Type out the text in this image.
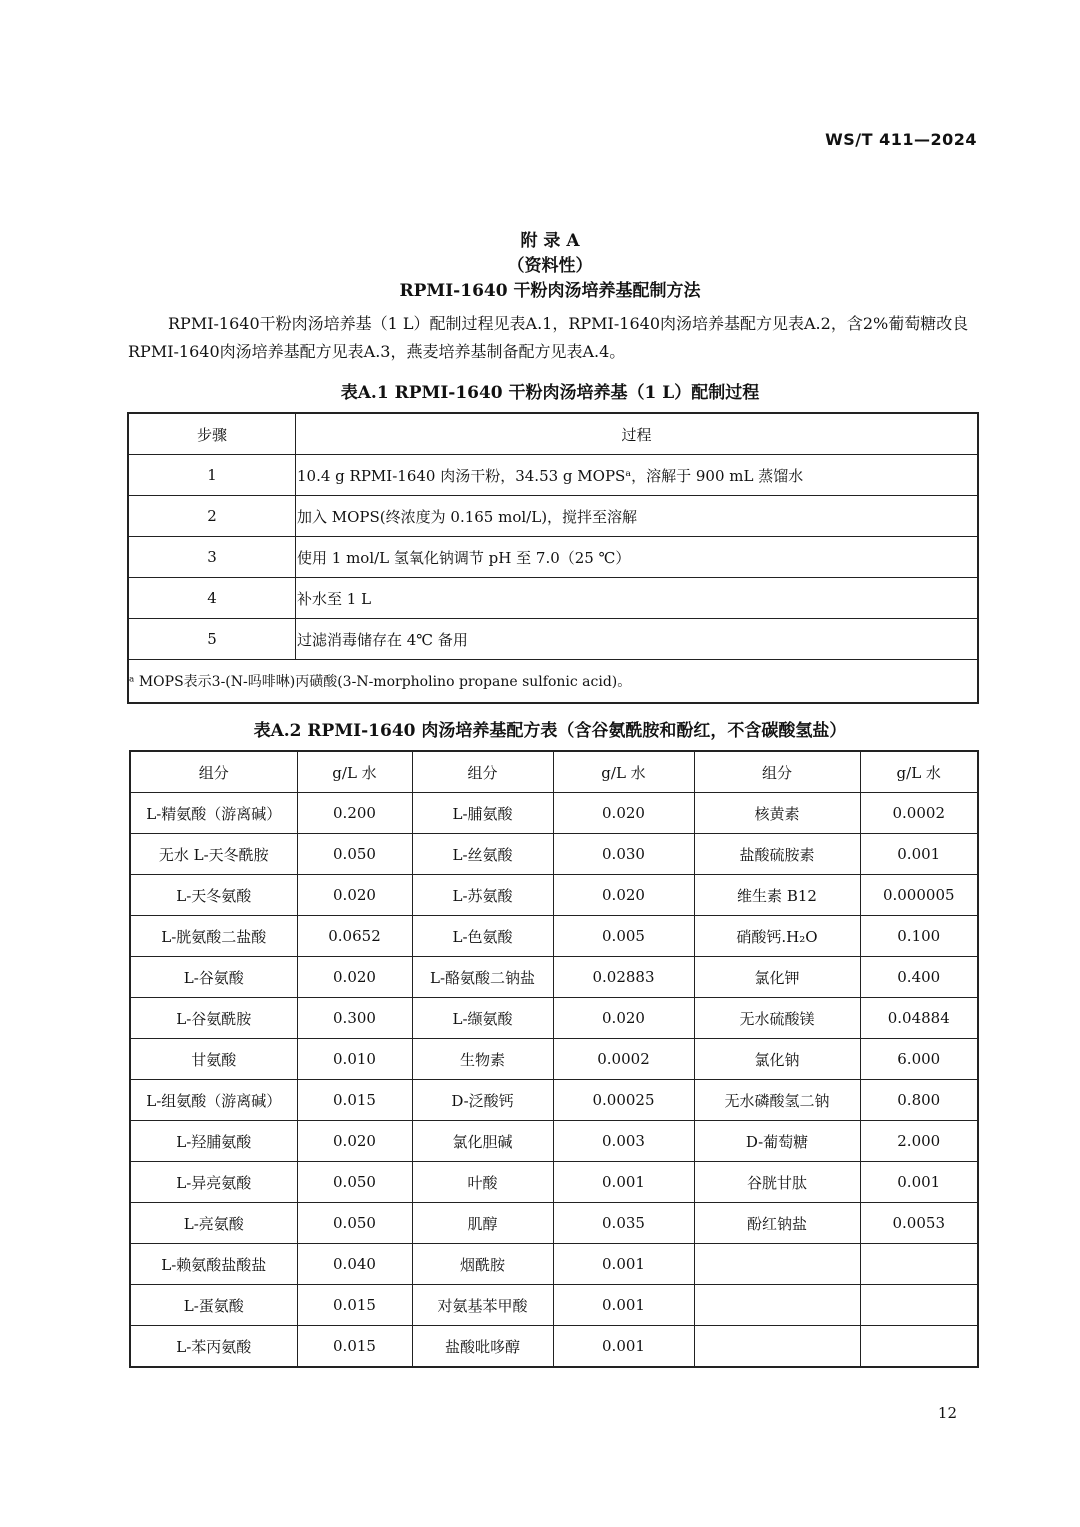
WS/T 411—2024
附 录 A
（资料性）
RPMI-1640 干粉肉汤培养基配制方法

RPMI-1640干粉肉汤培养基（1 L）配制过程见表A.1，RPMI-1640肉汤培养基配方见表A.2，含2%葡萄糖改良RPMI-1640肉汤培养基配方见表A.3，燕麦培养基制备配方见表A.4。

表A.1 RPMI-1640 干粉肉汤培养基（1 L）配制过程
步骤	过程
1	10.4 g RPMI-1640 肉汤干粉，34.53 g MOPSᵃ，溶解于 900 mL 蒸馏水
2	加入 MOPS(终浓度为 0.165 mol/L)，搅拌至溶解
3	使用 1 mol/L 氢氧化钠调节 pH 至 7.0（25 ℃）
4	补水至 1 L
5	过滤消毒储存在 4℃ 备用
ᵃ MOPS表示3-(N-吗啡啉)丙磺酸(3-N-morpholino propane sulfonic acid)。	
表A.2 RPMI-1640 肉汤培养基配方表（含谷氨酰胺和酚红，不含碳酸氢盐）
组分	g/L 水	组分	g/L 水	组分	g/L 水
L-精氨酸（游离碱）	0.200	L-脯氨酸	0.020	核黄素	0.0002
无水 L-天冬酰胺	0.050	L-丝氨酸	0.030	盐酸硫胺素	0.001
L-天冬氨酸	0.020	L-苏氨酸	0.020	维生素 B12	0.000005
L-胱氨酸二盐酸	0.0652	L-色氨酸	0.005	硝酸钙.H₂O	0.100
L-谷氨酸	0.020	L-酪氨酸二钠盐	0.02883	氯化钾	0.400
L-谷氨酰胺	0.300	L-缬氨酸	0.020	无水硫酸镁	0.04884
甘氨酸	0.010	生物素	0.0002	氯化钠	6.000
L-组氨酸（游离碱）	0.015	D-泛酸钙	0.00025	无水磷酸氢二钠	0.800
L-羟脯氨酸	0.020	氯化胆碱	0.003	D-葡萄糖	2.000
L-异亮氨酸	0.050	叶酸	0.001	谷胱甘肽	0.001
L-亮氨酸	0.050	肌醇	0.035	酚红钠盐	0.0053
L-赖氨酸盐酸盐	0.040	烟酰胺	0.001		
L-蛋氨酸	0.015	对氨基苯甲酸	0.001		
L-苯丙氨酸	0.015	盐酸吡哆醇	0.001		
12
